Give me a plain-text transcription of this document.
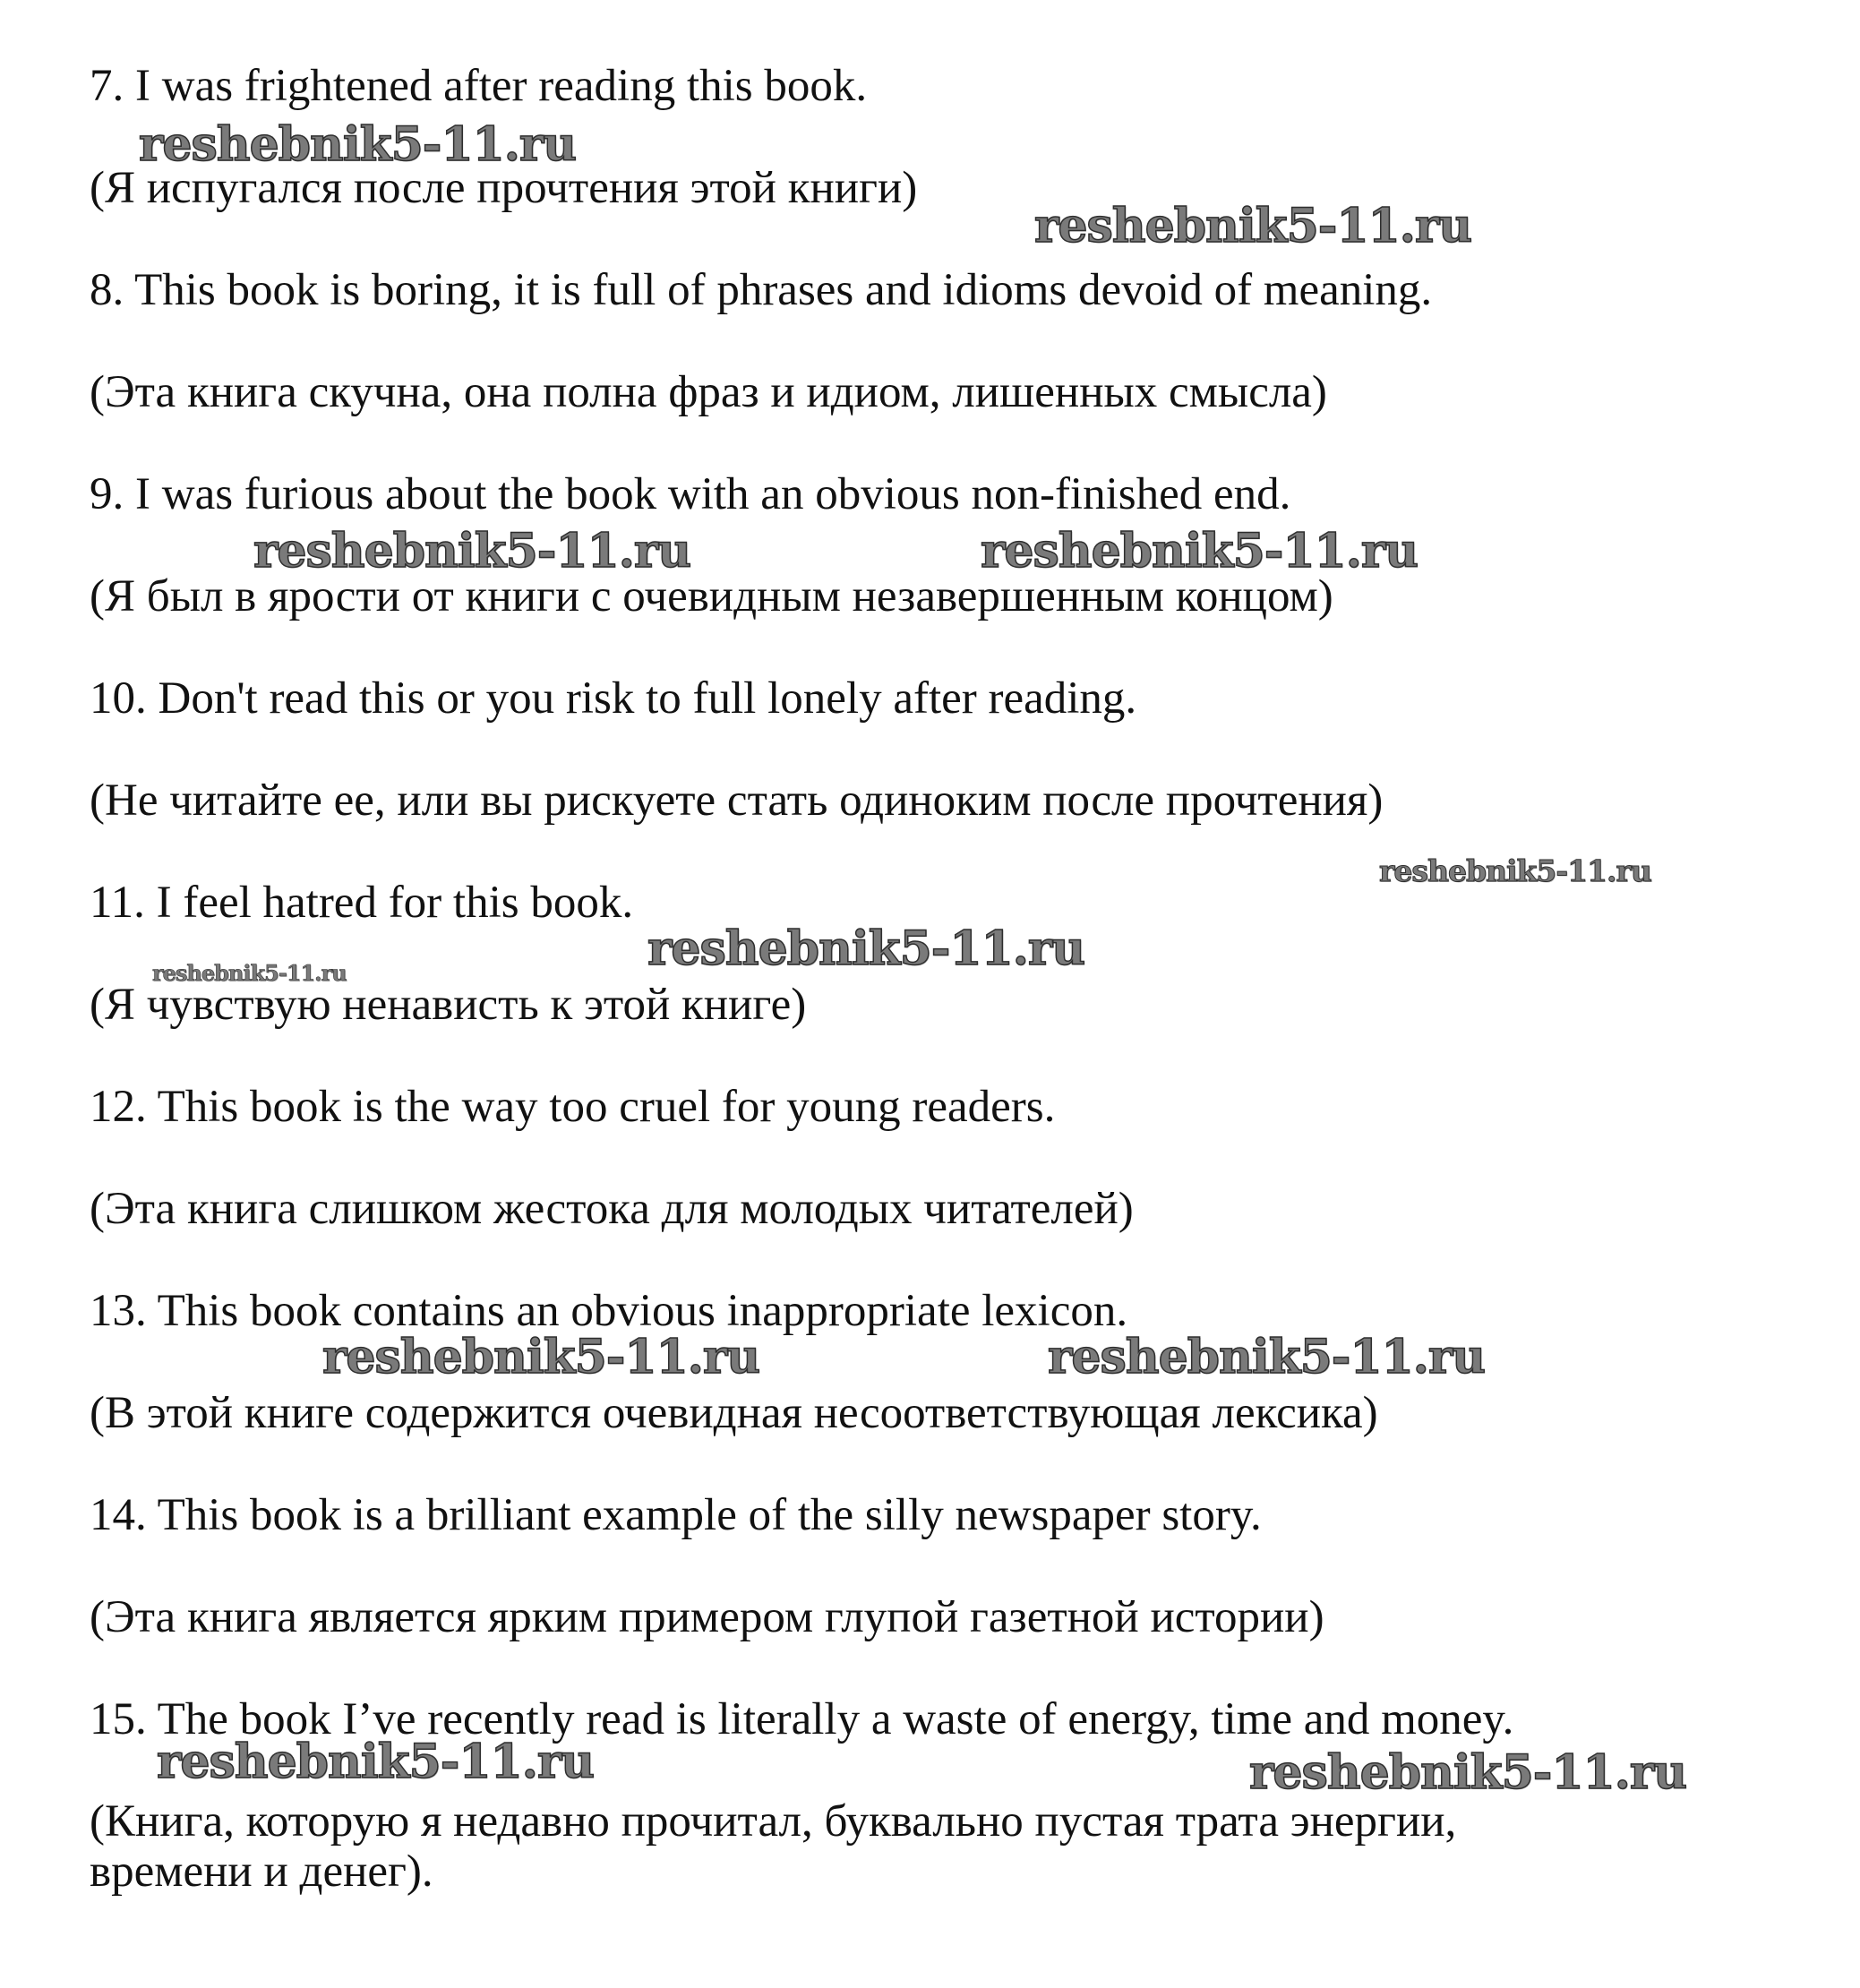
7. I was frightened after reading this book.
reshebnik5-11.ru
(Я испугался после прочтения этой книги)
reshebnik5-11.ru
8. This book is boring, it is full of phrases and idioms devoid of meaning.
(Эта книга скучна, она полна фраз и идиом, лишенных смысла)
9. I was furious about the book with an obvious non-finished end.
reshebnik5-11.ru	reshebnik5-11.ru
(Я был в ярости от книги с очевидным незавершенным концом)
10. Don't read this or you risk to full lonely after reading.
(Не читайте ее, или вы рискуете стать одиноким после прочтения)
reshebnik5-11.ru
11. I feel hatred for this book.
reshebnik5-11.ru
reshebnik5-11.ru
(Я чувствую ненависть к этой книге)
12. This book is the way too cruel for young readers.
(Эта книга слишком жестока для молодых читателей)
13. This book contains an obvious inappropriate lexicon.
reshebnik5-11.ru	reshebnik5-11.ru
(В этой книге содержится очевидная несоответствующая лексика)
14. This book is a brilliant example of the silly newspaper story.
(Эта книга является ярким примером глупой газетной истории)
15. The book I’ve recently read is literally a waste of energy, time and money.
reshebnik5-11.ru	reshebnik5-11.ru
(Книга, которую я недавно прочитал, буквально пустая трата энергии,
времени и денег).
